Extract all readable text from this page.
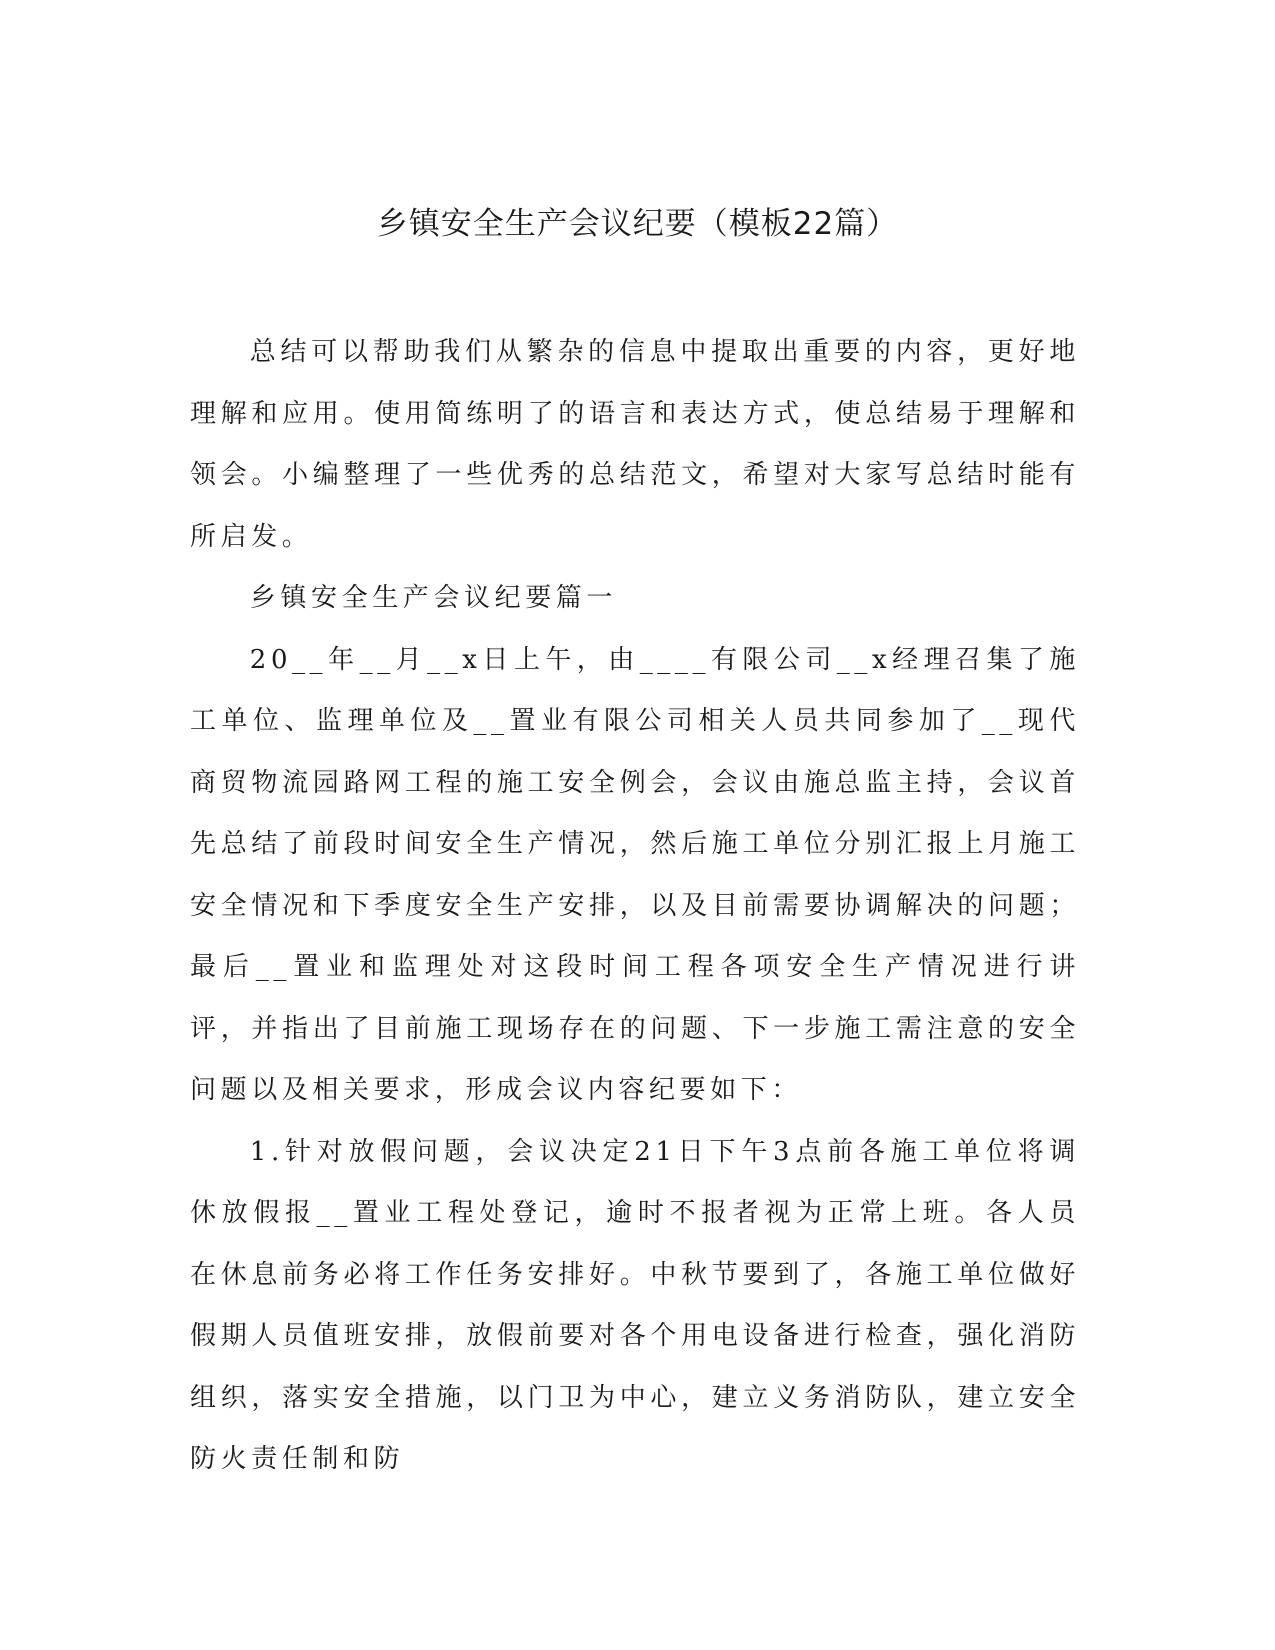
乡镇安全生产会议纪要（模板22篇）

总结可以帮助我们从繁杂的信息中提取出重要的内容，更好地理解和应用。使用简练明了的语言和表达方式，使总结易于理解和领会。小编整理了一些优秀的总结范文，希望对大家写总结时能有所启发。

乡镇安全生产会议纪要篇一

20__年__月__x日上午，由____有限公司__x经理召集了施工单位、监理单位及__置业有限公司相关人员共同参加了__现代商贸物流园路网工程的施工安全例会，会议由施总监主持，会议首先总结了前段时间安全生产情况，然后施工单位分别汇报上月施工安全情况和下季度安全生产安排，以及目前需要协调解决的问题；最后__置业和监理处对这段时间工程各项安全生产情况进行讲评，并指出了目前施工现场存在的问题、下一步施工需注意的安全问题以及相关要求，形成会议内容纪要如下：

1.针对放假问题，会议决定21日下午3点前各施工单位将调休放假报__置业工程处登记，逾时不报者视为正常上班。各人员在休息前务必将工作任务安排好。中秋节要到了，各施工单位做好假期人员值班安排，放假前要对各个用电设备进行检查，强化消防组织，落实安全措施，以门卫为中心，建立义务消防队，建立安全防火责任制和防
